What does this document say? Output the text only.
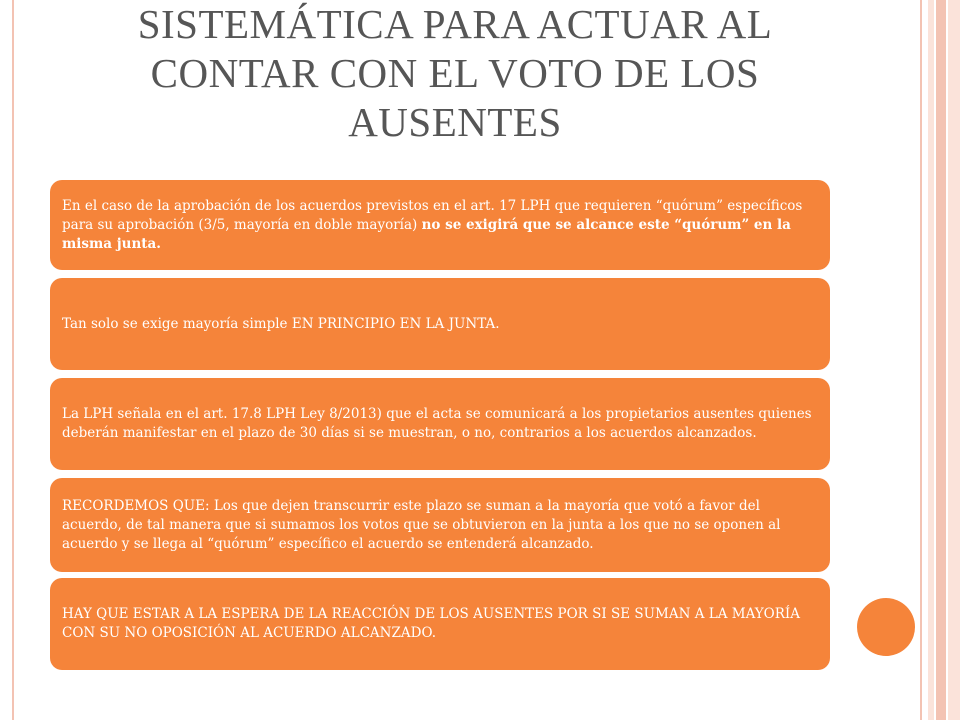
SISTEMÁTICA PARA ACTUAR AL
CONTAR CON EL VOTO DE LOS
AUSENTES
En el caso de la aprobación de los acuerdos previstos en el art. 17 LPH que requieren “quórum” específicos para su aprobación (3/5, mayoría en doble mayoría) no se exigirá que se alcance este “quórum” en la misma junta.
Tan solo se exige mayoría simple EN PRINCIPIO EN LA JUNTA.
La LPH señala en el art. 17.8 LPH Ley 8/2013) que el acta se comunicará a los propietarios ausentes quienes deberán manifestar en el plazo de 30 días si se muestran, o no, contrarios a los acuerdos alcanzados.
RECORDEMOS QUE: Los que dejen transcurrir este plazo se suman a la mayoría que votó a favor del acuerdo, de tal manera que si sumamos los votos que se obtuvieron en la junta a los que no se oponen al acuerdo y se llega al “quórum” específico el acuerdo se entenderá alcanzado.
HAY QUE ESTAR A LA ESPERA DE LA REACCIÓN DE LOS AUSENTES POR SI SE SUMAN A LA MAYORÍA CON SU NO OPOSICIÓN AL ACUERDO ALCANZADO.
